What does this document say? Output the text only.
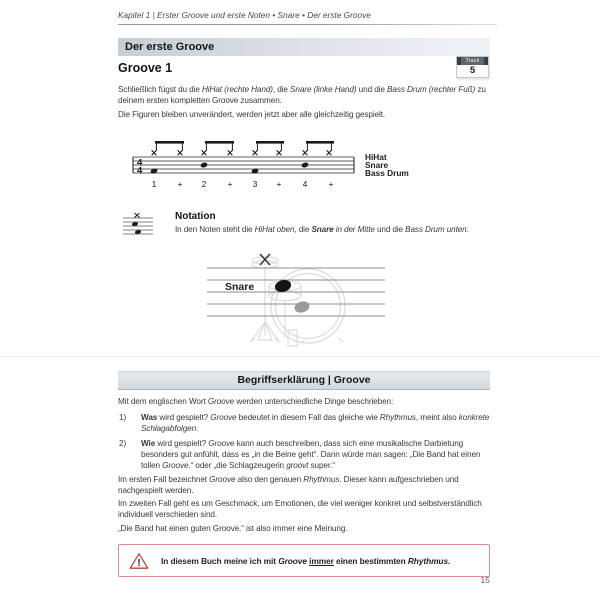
Kapitel 1 | Erster Groove und erste Noten • Snare • Der erste Groove
Der erste Groove
Groove 1	Track
5
Schließlich fügst du die HiHat (rechte Hand), die Snare (linke Hand) und die Bass Drum (rechter Fuß) zu deinem ersten kompletten Groove zusammen.
Die Figuren bleiben unverändert, werden jetzt aber alle gleichzeitig gespielt.
4
4
1 + 2 + 3 + 4 +
HiHat
Snare
Bass Drum
Notation
In den Noten steht die HiHat oben, die Snare in der Mitte und die Bass Drum unten.
Snare
Begriffserklärung | Groove
Mit dem englischen Wort Groove werden unterschiedliche Dinge beschrieben:
1)	Was wird gespielt? Groove bedeutet in diesem Fall das gleiche wie Rhythmus, meint also konkrete Schlagabfolgen.
2)	Wie wird gespielt? Groove kann auch beschreiben, dass sich eine musikalische Darbietung besonders gut anfühlt, dass es „in die Beine geht“. Dann würde man sagen: „Die Band hat einen tollen Groove.“ oder „die Schlagzeugerin groovt super.“
Im ersten Fall bezeichnet Groove also den genauen Rhythmus. Dieser kann aufgeschrieben und nachgespielt werden.
Im zweiten Fall geht es um Geschmack, um Emotionen, die viel weniger konkret und selbstverständlich individuell verschieden sind.
„Die Band hat einen guten Groove.“ ist also immer eine Meinung.
! In diesem Buch meine ich mit Groove immer einen bestimmten Rhythmus.
15
